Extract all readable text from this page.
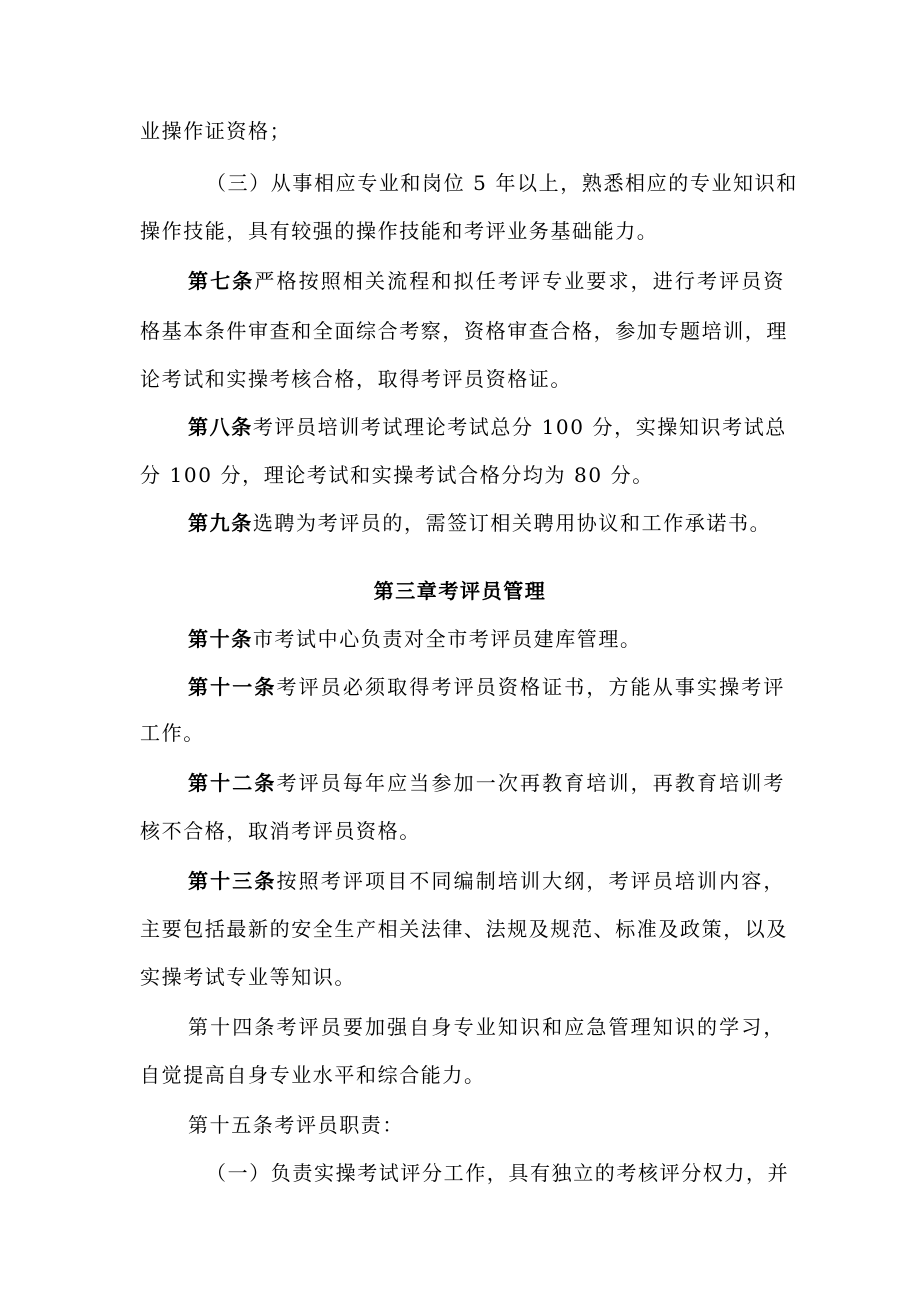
业操作证资格；
（三）从事相应专业和岗位 5 年以上，熟悉相应的专业知识和
操作技能，具有较强的操作技能和考评业务基础能力。
第七条严格按照相关流程和拟任考评专业要求，进行考评员资
格基本条件审查和全面综合考察，资格审查合格，参加专题培训，理
论考试和实操考核合格，取得考评员资格证。
第八条考评员培训考试理论考试总分 100 分，实操知识考试总
分 100 分，理论考试和实操考试合格分均为 80 分。
第九条选聘为考评员的，需签订相关聘用协议和工作承诺书。
第三章考评员管理
第十条市考试中心负责对全市考评员建库管理。
第十一条考评员必须取得考评员资格证书，方能从事实操考评
工作。
第十二条考评员每年应当参加一次再教育培训，再教育培训考
核不合格，取消考评员资格。
第十三条按照考评项目不同编制培训大纲，考评员培训内容，
主要包括最新的安全生产相关法律、法规及规范、标准及政策，以及
实操考试专业等知识。
第十四条考评员要加强自身专业知识和应急管理知识的学习，
自觉提高自身专业水平和综合能力。
第十五条考评员职责：
（一）负责实操考试评分工作，具有独立的考核评分权力，并
